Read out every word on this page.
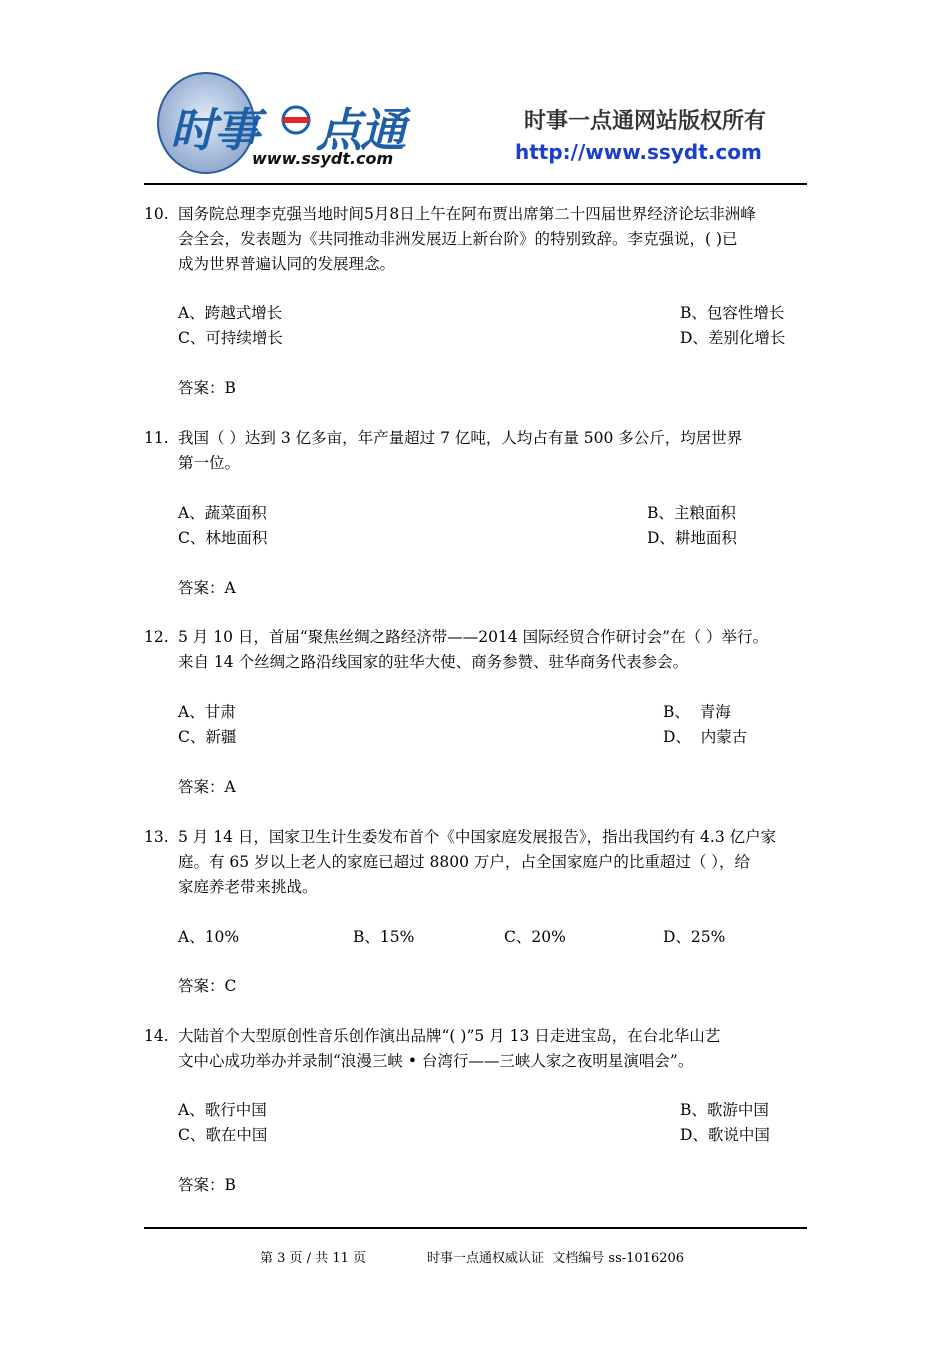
时事 点通
www.ssydt.com
时事一点通网站版权所有
http://www.ssydt.com
10. 国务院总理李克强当地时间5月8日上午在阿布贾出席第二十四届世界经济论坛非洲峰
会全会，发表题为《共同推动非洲发展迈上新台阶》的特别致辞。李克强说，( )已
成为世界普遍认同的发展理念。
A、跨越式增长	B、包容性增长
C、可持续增长	D、差别化增长
答案：B
11. 我国（ ）达到 3 亿多亩，年产量超过 7 亿吨，人均占有量 500 多公斤，均居世界
第一位。
A、蔬菜面积	B、主粮面积
C、林地面积	D、耕地面积
答案：A
12. 5 月 10 日，首届“聚焦丝绸之路经济带——2014 国际经贸合作研讨会”在（ ）举行。
来自 14 个丝绸之路沿线国家的驻华大使、商务参赞、驻华商务代表参会。
A、甘肃	B、  青海
C、新疆	D、  内蒙古
答案：A
13. 5 月 14 日，国家卫生计生委发布首个《中国家庭发展报告》，指出我国约有 4.3 亿户家
庭。有 65 岁以上老人的家庭已超过 8800 万户，占全国家庭户的比重超过（ ），给
家庭养老带来挑战。
A、10%	B、15%	C、20%	D、25%
答案：C
14. 大陆首个大型原创性音乐创作演出品牌“( )”5 月 13 日走进宝岛，在台北华山艺
文中心成功举办并录制“浪漫三峡 • 台湾行——三峡人家之夜明星演唱会”。
A、歌行中国	B、歌游中国
C、歌在中国	D、歌说中国
答案：B
第 3 页 / 共 11 页	时事一点通权威认证  文档编号 ss-1016206
